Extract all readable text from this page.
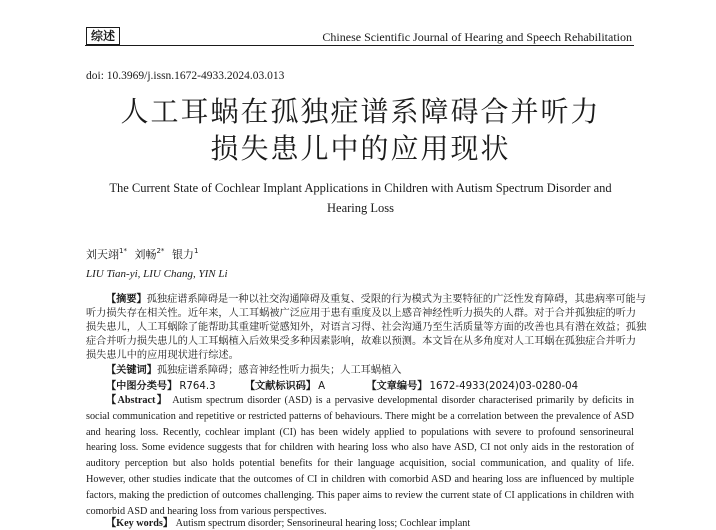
综述	Chinese Scientific Journal of Hearing and Speech Rehabilitation
doi: 10.3969/j.issn.1672-4933.2024.03.013
人工耳蜗在孤独症谱系障碍合并听力
损失患儿中的应用现状
The Current State of Cochlear Implant Applications in Children with Autism Spectrum Disorder and
Hearing Loss
刘天翊$^{1*}$ 刘畅$^{2*}$ 银力$^1$
LIU Tian-yi, LIU Chang, YIN Li
【摘要】孤独症谱系障碍是一种以社交沟通障碍及重复、受限的行为模式为主要特征的广泛性发育障碍，其患病率可能与
听力损失存在相关性。近年来，人工耳蜗被广泛应用于患有重度及以上感音神经性听力损失的人群。对于合并孤独症的听力
损失患儿，人工耳蜗除了能帮助其重建听觉感知外，对语言习得、社会沟通乃至生活质量等方面的改善也具有潜在效益；孤独
症合并听力损失患儿的人工耳蜗植入后效果受多种因素影响，故难以预测。本文旨在从多角度对人工耳蜗在孤独症合并听力
损失患儿中的应用现状进行综述。
【关键词】孤独症谱系障碍；感音神经性听力损失；人工耳蜗植入
【中图分类号】 R764.3	【文献标识码】 A	【文章编号】 1672-4933(2024)03-0280-04
【Abstract】 Autism spectrum disorder (ASD) is a pervasive developmental disorder characterised primarily by deficits in
social communication and repetitive or restricted patterns of behaviours. There might be a correlation between the prevalence of ASD
and hearing loss. Recently, cochlear implant (CI) has been widely applied to populations with severe to profound sensorineural
hearing loss. Some evidence suggests that for children with hearing loss who also have ASD, CI not only aids in the restoration of
auditory perception but also holds potential benefits for their language acquisition, social communication, and quality of life.
However, other studies indicate that the outcomes of CI in children with comorbid ASD and hearing loss are influenced by multiple
factors, making the prediction of outcomes challenging. This paper aims to review the current state of CI applications in children with
comorbid ASD and hearing loss from various perspectives.
【Key words】 Autism spectrum disorder; Sensorineural hearing loss; Cochlear implant
